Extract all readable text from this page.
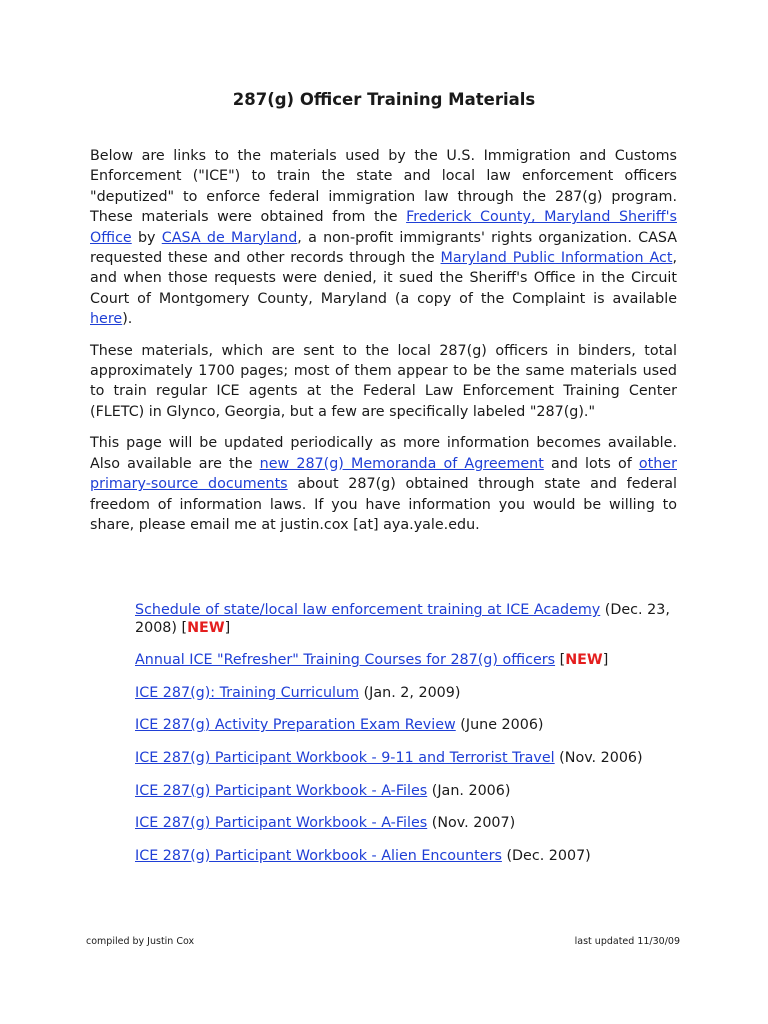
287(g) Officer Training Materials

Below are links to the materials used by the U.S. Immigration and Customs Enforcement ("ICE") to train the state and local law enforcement officers "deputized" to enforce federal immigration law through the 287(g) program. These materials were obtained from the Frederick County, Maryland Sheriff's Office by CASA de Maryland, a non-profit immigrants' rights organization. CASA requested these and other records through the Maryland Public Information Act, and when those requests were denied, it sued the Sheriff's Office in the Circuit Court of Montgomery County, Maryland (a copy of the Complaint is available here).

These materials, which are sent to the local 287(g) officers in binders, total approximately 1700 pages; most of them appear to be the same materials used to train regular ICE agents at the Federal Law Enforcement Training Center (FLETC) in Glynco, Georgia, but a few are specifically labeled "287(g)."

This page will be updated periodically as more information becomes available. Also available are the new 287(g) Memoranda of Agreement and lots of other primary-source documents about 287(g) obtained through state and federal freedom of information laws. If you have information you would be willing to share, please email me at justin.cox [at] aya.yale.edu.

Schedule of state/local law enforcement training at ICE Academy (Dec. 23, 2008) [NEW]
Annual ICE "Refresher" Training Courses for 287(g) officers [NEW]
ICE 287(g): Training Curriculum (Jan. 2, 2009)
ICE 287(g) Activity Preparation Exam Review (June 2006)
ICE 287(g) Participant Workbook - 9-11 and Terrorist Travel (Nov. 2006)
ICE 287(g) Participant Workbook - A-Files (Jan. 2006)
ICE 287(g) Participant Workbook - A-Files (Nov. 2007)
ICE 287(g) Participant Workbook - Alien Encounters (Dec. 2007)
compiled by Justin Cox	last updated 11/30/09
